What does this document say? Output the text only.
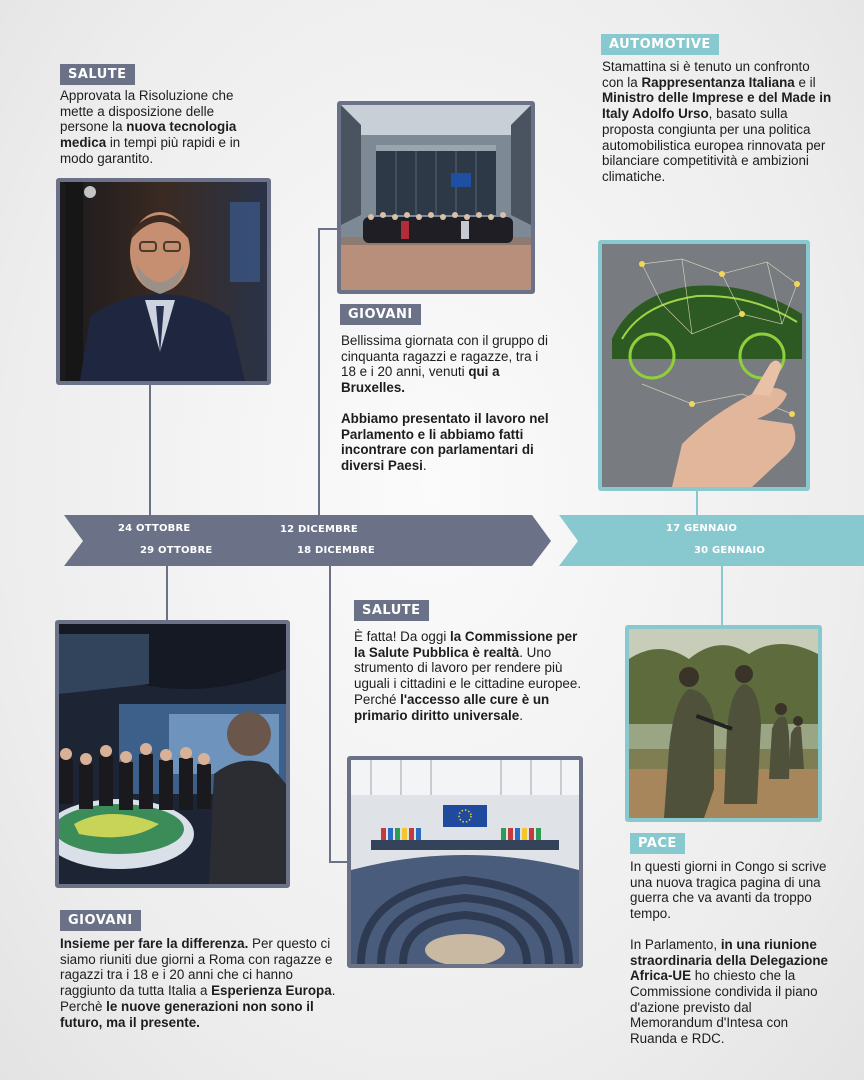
24 OTTOBRE
29 OTTOBRE
12 DICEMBRE
18 DICEMBRE
17 GENNAIO
30 GENNAIO
SALUTE
Approvata la Risoluzione che mette a disposizione delle persone la nuova tecnologia medica in tempi più rapidi e in modo garantito.
GIOVANI
Bellissima giornata con il gruppo di cinquanta ragazzi e ragazze, tra i 18 e i 20 anni, venuti qui a Bruxelles.
Abbiamo presentato il lavoro nel Parlamento e li abbiamo fatti incontrare con parlamentari di diversi Paesi.
AUTOMOTIVE
Stamattina si è tenuto un confronto con la Rappresentanza Italiana e il Ministro delle Imprese e del Made in Italy Adolfo Urso, basato sulla proposta congiunta per una politica automobilistica europea rinnovata per bilanciare competitività e ambizioni climatiche.
GIOVANI
Insieme per fare la differenza. Per questo ci siamo riuniti due giorni a Roma con ragazze e ragazzi tra i 18 e i 20 anni che ci hanno raggiunto da tutta Italia a Esperienza Europa. Perchè le nuove generazioni non sono il futuro, ma il presente.
SALUTE
È fatta! Da oggi la Commissione per la Salute Pubblica è realtà. Uno strumento di lavoro per rendere più uguali i cittadini e le cittadine europee. Perché l'accesso alle cure è un primario diritto universale.
PACE
In questi giorni in Congo si scrive una nuova tragica pagina di una guerra che va avanti da troppo tempo.
In Parlamento, in una riunione straordinaria della Delegazione Africa-UE ho chiesto che la Commissione condivida il piano d'azione previsto dal Memorandum d'Intesa con Ruanda e RDC.
